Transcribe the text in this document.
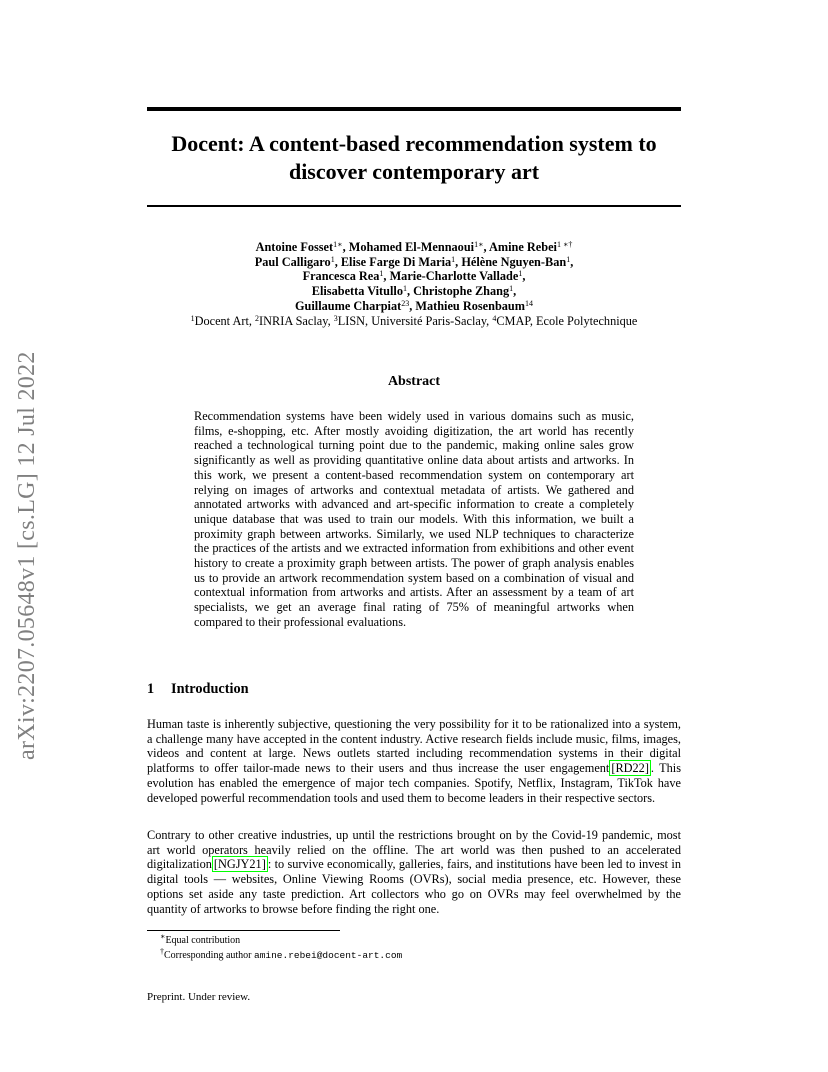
arXiv:2207.05648v1 [cs.LG] 12 Jul 2022
Docent: A content-based recommendation system to
discover contemporary art
Antoine Fosset$^{1∗}$, Mohamed El-Mennaoui$^{1∗}$, Amine Rebei$^{1 ∗\dagger}$
Paul Calligaro$^1$, Elise Farge Di Maria$^1$, Hélène Nguyen-Ban$^1$,
Francesca Rea$^1$, Marie-Charlotte Vallade$^1$,
Elisabetta Vitullo$^1$, Christophe Zhang$^1$,
Guillaume Charpiat$^{23}$, Mathieu Rosenbaum$^{14}$
$^1$Docent Art, $^2$INRIA Saclay, $^3$LISN, Université Paris-Saclay, $^4$CMAP, Ecole Polytechnique
Abstract
Recommendation systems have been widely used in various domains such as music, films, e-shopping, etc. After mostly avoiding digitization, the art world has recently reached a technological turning point due to the pandemic, making online sales grow significantly as well as providing quantitative online data about artists and artworks. In this work, we present a content-based recommendation system on contemporary art relying on images of artworks and contextual metadata of artists. We gathered and annotated artworks with advanced and art-specific information to create a completely unique database that was used to train our models. With this information, we built a proximity graph between artworks. Similarly, we used NLP techniques to characterize the practices of the artists and we extracted information from exhibitions and other event history to create a proximity graph between artists. The power of graph analysis enables us to provide an artwork recommendation system based on a combination of visual and contextual information from artworks and artists. After an assessment by a team of art specialists, we get an average final rating of 75% of meaningful artworks when compared to their professional evaluations.
1 Introduction
Human taste is inherently subjective, questioning the very possibility for it to be rationalized into a system, a challenge many have accepted in the content industry. Active research fields include music, films, images, videos and content at large. News outlets started including recommendation systems in their digital platforms to offer tailor-made news to their users and thus increase the user engagement [RD22] . This evolution has enabled the emergence of major tech companies. Spotify, Netflix, Instagram, TikTok have developed powerful recommendation tools and used them to become leaders in their respective sectors.
Contrary to other creative industries, up until the restrictions brought on by the Covid-19 pandemic, most art world operators heavily relied on the offline. The art world was then pushed to an accelerated digitalization [NGJY21] : to survive economically, galleries, fairs, and institutions have been led to invest in digital tools — websites, Online Viewing Rooms (OVRs), social media presence, etc. However, these options set aside any taste prediction. Art collectors who go on OVRs may feel overwhelmed by the quantity of artworks to browse before finding the right one.
∗Equal contribution
†Corresponding author amine.rebei@docent-art.com
Preprint. Under review.
